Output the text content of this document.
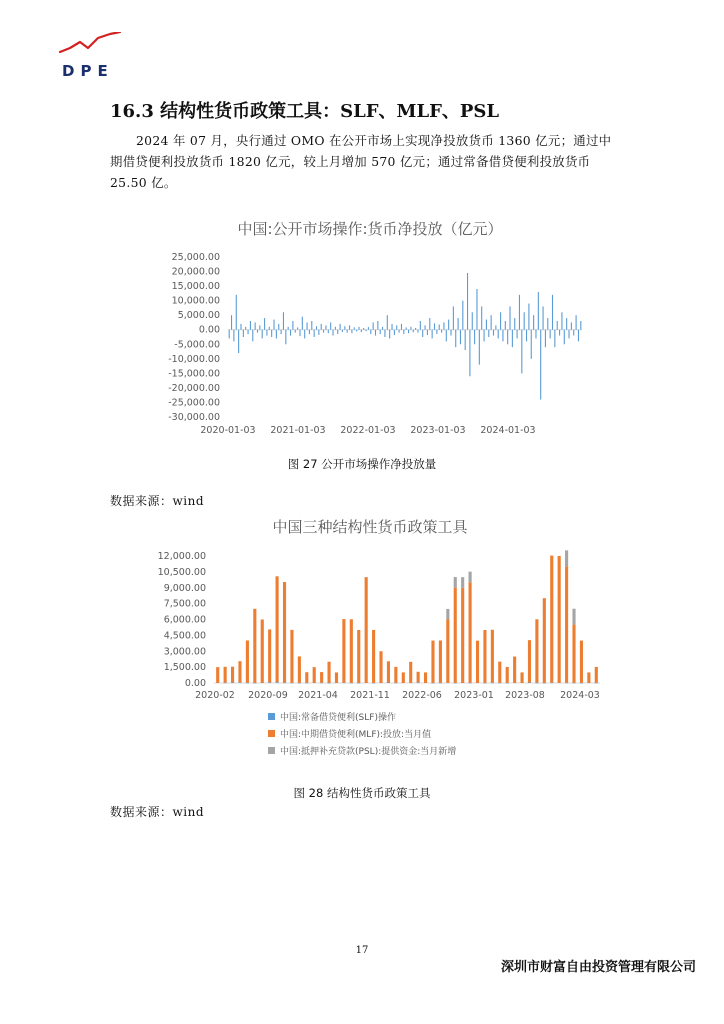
DPE
16.3 结构性货币政策工具：SLF、MLF、PSL
2024 年 07 月，央行通过 OMO 在公开市场上实现净投放货币 1360 亿元；通过中期借贷便利投放货币 1820 亿元，较上月增加 570 亿元；通过常备借贷便利投放货币 25.50 亿。
中国:公开市场操作:货币净投放（亿元）
25,000.00
20,000.00
15,000.00
10,000.00
5,000.00
0.00
-5,000.00
-10,000.00
-15,000.00
-20,000.00
-25,000.00
-30,000.00
2020-01-03 2021-01-03 2022-01-03 2023-01-03 2024-01-03
图 27 公开市场操作净投放量
数据来源：wind
中国三种结构性货币政策工具
12,000.00
10,500.00
9,000.00
7,500.00
6,000.00
4,500.00
3,000.00
1,500.00
0.00
2020-02 2020-09 2021-04 2021-11 2022-06 2023-01 2023-08 2024-03
中国:常备借贷便利(SLF)操作
中国:中期借贷便利(MLF):投放:当月值
中国:抵押补充贷款(PSL):提供资金:当月新增
图 28 结构性货币政策工具
数据来源：wind
17
深圳市财富自由投资管理有限公司
